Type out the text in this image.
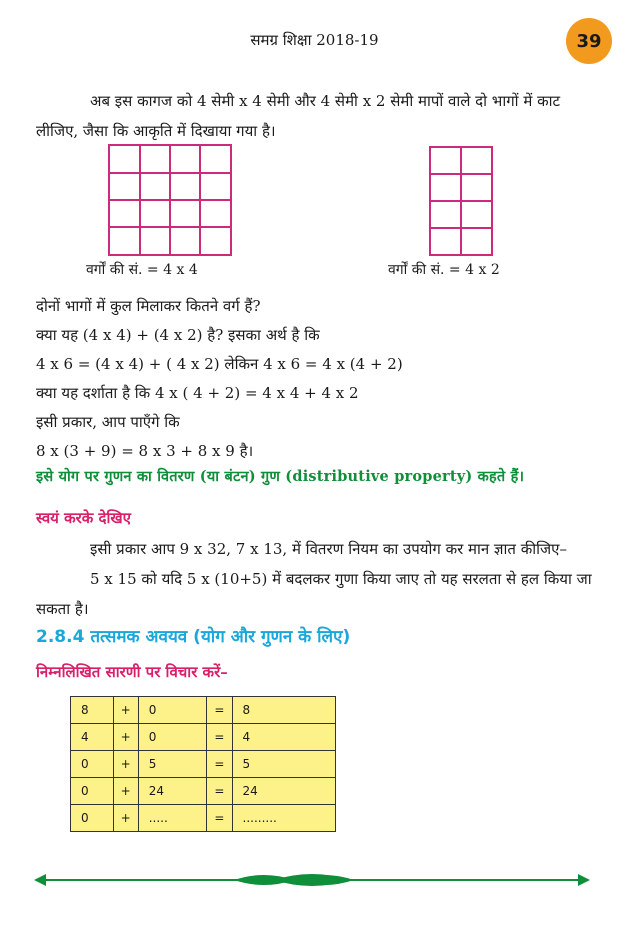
समग्र शिक्षा 2018-19	39
अब इस कागज को 4 सेमी x 4 सेमी और 4 सेमी x 2 सेमी मापों वाले दो भागों में काट लीजिए, जैसा कि आकृति में दिखाया गया है।
वर्गों की सं. = 4 x 4	वर्गों की सं. = 4 x 2
दोनों भागों में कुल मिलाकर कितने वर्ग हैं?
क्या यह (4 x 4) + (4 x 2) है? इसका अर्थ है कि
4 x 6 = (4 x 4) + ( 4 x 2) लेकिन 4 x 6 = 4 x (4 + 2)
क्या यह दर्शाता है कि 4 x ( 4 + 2) = 4 x 4 + 4 x 2
इसी प्रकार, आप पाएँगे कि
8 x (3 + 9) = 8 x 3 + 8 x 9 है।
इसे योग पर गुणन का वितरण (या बंटन) गुण (distributive property) कहते हैं।
स्वयं करके देखिए
इसी प्रकार आप 9 x 32, 7 x 13, में वितरण नियम का उपयोग कर मान ज्ञात कीजिए–
5 x 15 को यदि 5 x (10+5) में बदलकर गुणा किया जाए तो यह सरलता से हल किया जा सकता है।
2.8.4 तत्समक अवयव (योग और गुणन के लिए)
निम्नलिखित सारणी पर विचार करें–
8	+	0	=	8
4	+	0	=	4
0	+	5	=	5
0	+	24	=	24
0	+	.....	=	.........
